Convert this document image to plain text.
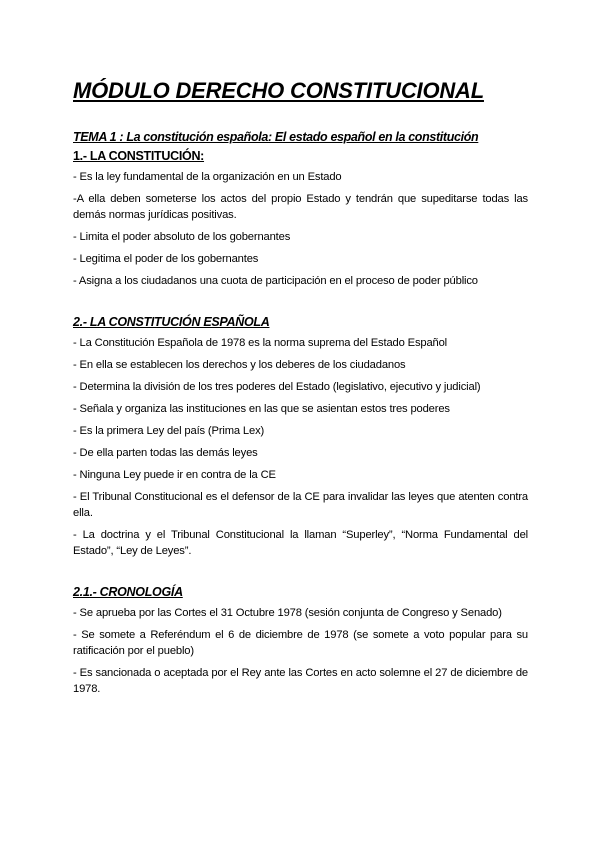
MÓDULO DERECHO CONSTITUCIONAL
TEMA 1 : La constitución española: El estado español en la constitución
1.- LA CONSTITUCIÓN:
- Es la ley fundamental de la organización en un Estado
-A ella deben someterse los actos del propio Estado y tendrán que supeditarse todas las demás normas jurídicas positivas.
- Limita el poder absoluto de los gobernantes
- Legitima el poder de los gobernantes
- Asigna a los ciudadanos una cuota de participación en el proceso de poder público
2.- LA CONSTITUCIÓN ESPAÑOLA
- La Constitución Española de 1978 es la norma suprema del Estado Español
- En ella se establecen los derechos y los deberes de los ciudadanos
- Determina la división de los tres poderes del Estado (legislativo, ejecutivo y judicial)
- Señala y organiza las instituciones en las que se asientan estos tres poderes
- Es la primera Ley del país (Prima Lex)
- De ella parten todas las demás leyes
- Ninguna Ley puede ir en contra de la CE
- El Tribunal Constitucional es el defensor de la CE para invalidar las leyes que atenten contra ella.
- La doctrina y el Tribunal Constitucional la llaman “Superley”, “Norma Fundamental del Estado”, “Ley de Leyes”.
2.1.- CRONOLOGÍA
- Se aprueba por las Cortes el 31 Octubre 1978 (sesión conjunta de Congreso y Senado)
- Se somete a Referéndum el 6 de diciembre de 1978 (se somete a voto popular para su ratificación por el pueblo)
- Es sancionada o aceptada por el Rey ante las Cortes en acto solemne el 27 de diciembre de 1978.
